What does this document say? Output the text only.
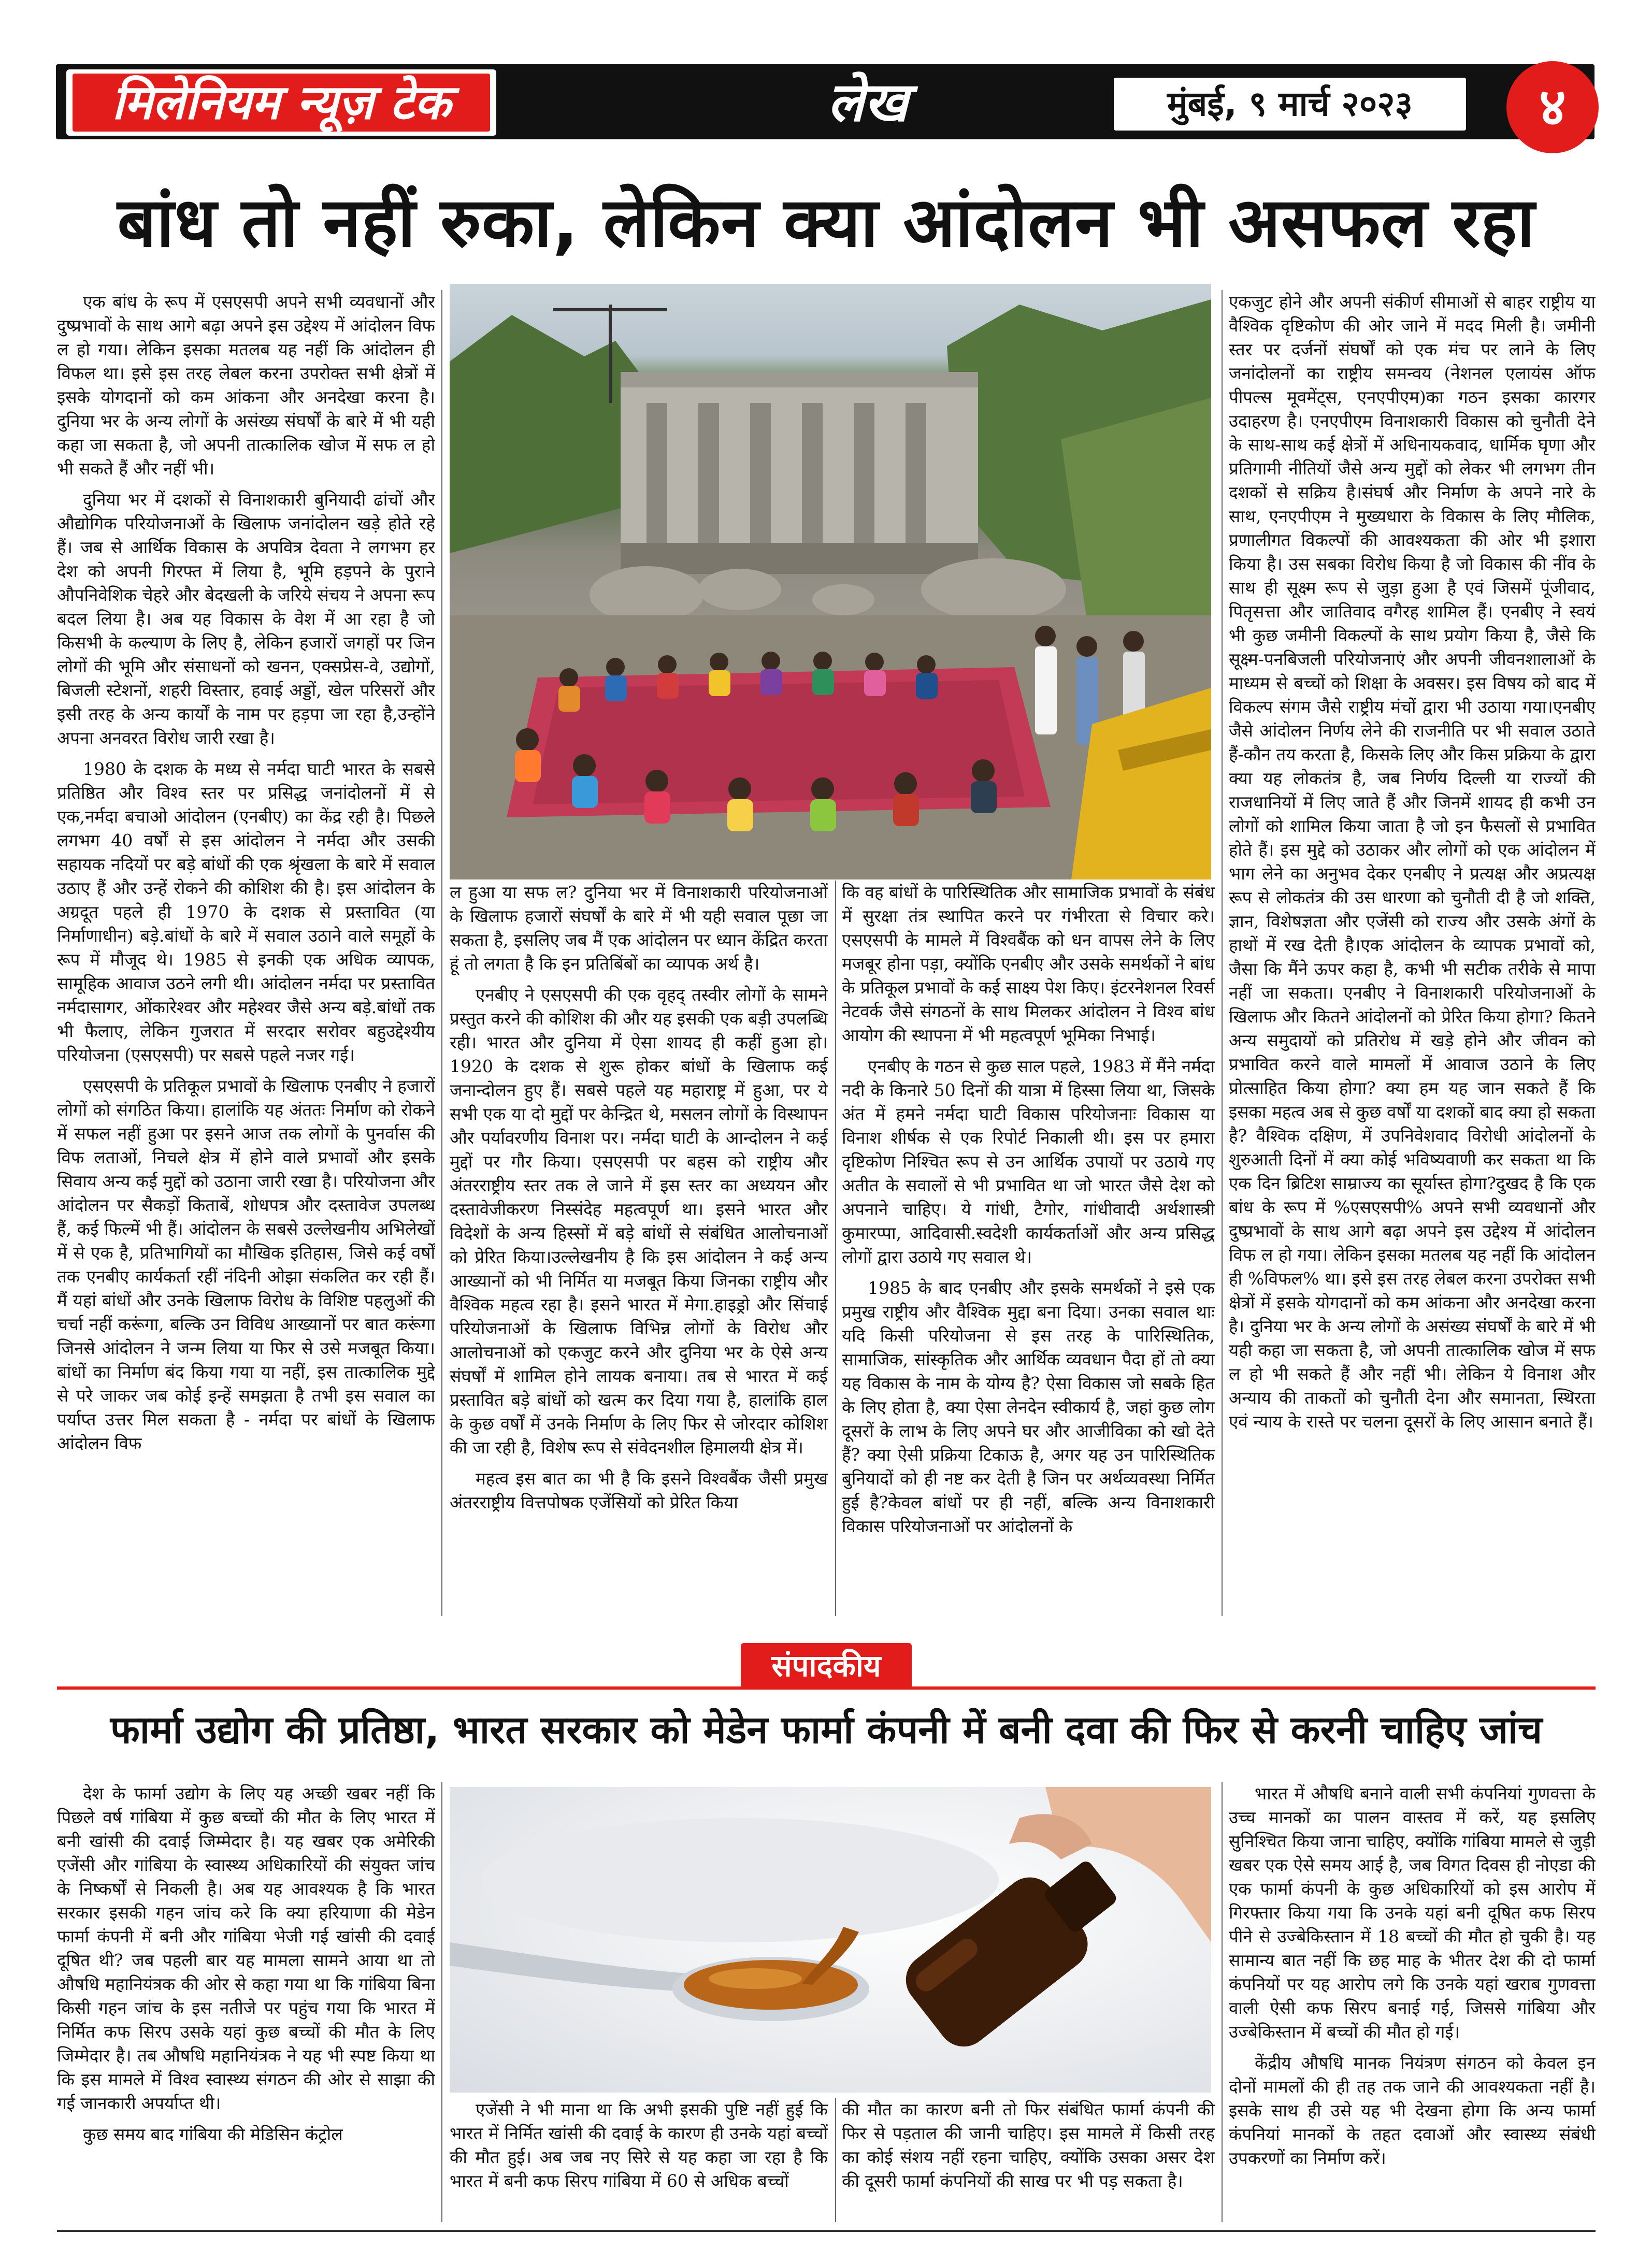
मिलेनियम न्यूज़ टेक	लेख	मुंबई, ९ मार्च २०२३	४
बांध तो नहीं रुका, लेकिन क्या आंदोलन भी असफल रहा

एक बांध के रूप में एसएसपी अपने सभी व्यवधानों और दुष्प्रभावों के साथ आगे बढ़ा अपने इस उद्देश्य में आंदोलन विफ ल हो गया। लेकिन इसका मतलब यह नहीं कि आंदोलन ही विफल था। इसे इस तरह लेबल करना उपरोक्त सभी क्षेत्रों में इसके योगदानों को कम आंकना और अनदेखा करना है। दुनिया भर के अन्य लोगों के असंख्य संघर्षों के बारे में भी यही कहा जा सकता है, जो अपनी तात्कालिक खोज में सफ ल हो भी सकते हैं और नहीं भी।

दुनिया भर में दशकों से विनाशकारी बुनियादी ढांचों और औद्योगिक परियोजनाओं के खिलाफ जनांदोलन खड़े होते रहे हैं। जब से आर्थिक विकास के अपवित्र देवता ने लगभग हर देश को अपनी गिरफ्त में लिया है, भूमि हड़पने के पुराने औपनिवेशिक चेहरे और बेदखली के जरिये संचय ने अपना रूप बदल लिया है। अब यह विकास के वेश में आ रहा है जो किसभी के कल्याण के लिए है, लेकिन हजारों जगहों पर जिन लोगों की भूमि और संसाधनों को खनन, एक्सप्रेस-वे, उद्योगों, बिजली स्टेशनों, शहरी विस्तार, हवाई अड्डों, खेल परिसरों और इसी तरह के अन्य कार्यों के नाम पर हड़पा जा रहा है,उन्होंने अपना अनवरत विरोध जारी रखा है।

1980 के दशक के मध्य से नर्मदा घाटी भारत के सबसे प्रतिष्ठित और विश्व स्तर पर प्रसिद्ध जनांदोलनों में से एक,नर्मदा बचाओ आंदोलन (एनबीए) का केंद्र रही है। पिछले लगभग 40 वर्षों से इस आंदोलन ने नर्मदा और उसकी सहायक नदियों पर बड़े बांधों की एक श्रृंखला के बारे में सवाल उठाए हैं और उन्हें रोकने की कोशिश की है। इस आंदोलन के अग्रदूत पहले ही 1970 के दशक से प्रस्तावित (या निर्माणाधीन) बड़े.बांधों के बारे में सवाल उठाने वाले समूहों के रूप में मौजूद थे। 1985 से इनकी एक अधिक व्यापक, सामूहिक आवाज उठने लगी थी। आंदोलन नर्मदा पर प्रस्तावित नर्मदासागर, ओंकारेश्वर और महेश्वर जैसे अन्य बड़े.बांधों तक भी फैलाए, लेकिन गुजरात में सरदार सरोवर बहुउद्देश्यीय परियोजना (एसएसपी) पर सबसे पहले नजर गई।

एसएसपी के प्रतिकूल प्रभावों के खिलाफ एनबीए ने हजारों लोगों को संगठित किया। हालांकि यह अंततः निर्माण को रोकने में सफल नहीं हुआ पर इसने आज तक लोगों के पुनर्वास की विफ लताओं, निचले क्षेत्र में होने वाले प्रभावों और इसके सिवाय अन्य कई मुद्दों को उठाना जारी रखा है। परियोजना और आंदोलन पर सैकड़ों किताबें, शोधपत्र और दस्तावेज उपलब्ध हैं, कई फिल्में भी हैं। आंदोलन के सबसे उल्लेखनीय अभिलेखों में से एक है, प्रतिभागियों का मौखिक इतिहास, जिसे कई वर्षों तक एनबीए कार्यकर्ता रहीं नंदिनी ओझा संकलित कर रही हैं।मैं यहां बांधों और उनके खिलाफ विरोध के विशिष्ट पहलुओं की चर्चा नहीं करूंगा, बल्कि उन विविध आख्यानों पर बात करूंगा जिनसे आंदोलन ने जन्म लिया या फिर से उसे मजबूत किया। बांधों का निर्माण बंद किया गया या नहीं, इस तात्कालिक मुद्दे से परे जाकर जब कोई इन्हें समझता है तभी इस सवाल का पर्याप्त उत्तर मिल सकता है ‑ नर्मदा पर बांधों के खिलाफ आंदोलन विफ

ल हुआ या सफ ल? दुनिया भर में विनाशकारी परियोजनाओं के खिलाफ हजारों संघर्षों के बारे में भी यही सवाल पूछा जा सकता है, इसलिए जब मैं एक आंदोलन पर ध्यान केंद्रित करता हूं तो लगता है कि इन प्रतिबिंबों का व्यापक अर्थ है।

एनबीए ने एसएसपी की एक वृहद् तस्वीर लोगों के सामने प्रस्तुत करने की कोशिश की और यह इसकी एक बड़ी उपलब्धि रही। भारत और दुनिया में ऐसा शायद ही कहीं हुआ हो। 1920 के दशक से शुरू होकर बांधों के खिलाफ कई जनान्दोलन हुए हैं। सबसे पहले यह महाराष्ट्र में हुआ, पर ये सभी एक या दो मुद्दों पर केन्द्रित थे, मसलन लोगों के विस्थापन और पर्यावरणीय विनाश पर। नर्मदा घाटी के आन्दोलन ने कई मुद्दों पर गौर किया। एसएसपी पर बहस को राष्ट्रीय और अंतरराष्ट्रीय स्तर तक ले जाने में इस स्तर का अध्ययन और दस्तावेजीकरण निस्संदेह महत्वपूर्ण था। इसने भारत और विदेशों के अन्य हिस्सों में बड़े बांधों से संबंधित आलोचनाओं को प्रेरित किया।उल्लेखनीय है कि इस आंदोलन ने कई अन्य आख्यानों को भी निर्मित या मजबूत किया जिनका राष्ट्रीय और वैश्विक महत्व रहा है। इसने भारत में मेगा.हाइड्रो और सिंचाई परियोजनाओं के खिलाफ विभिन्न लोगों के विरोध और आलोचनाओं को एकजुट करने और दुनिया भर के ऐसे अन्य संघर्षों में शामिल होने लायक बनाया। तब से भारत में कई प्रस्तावित बड़े बांधों को खत्म कर दिया गया है, हालांकि हाल के कुछ वर्षों में उनके निर्माण के लिए फिर से जोरदार कोशिश की जा रही है, विशेष रूप से संवेदनशील हिमालयी क्षेत्र में।

महत्व इस बात का भी है कि इसने विश्वबैंक जैसी प्रमुख अंतरराष्ट्रीय वित्तपोषक एजेंसियों को प्रेरित किया

कि वह बांधों के पारिस्थितिक और सामाजिक प्रभावों के संबंध में सुरक्षा तंत्र स्थापित करने पर गंभीरता से विचार करे। एसएसपी के मामले में विश्वबैंक को धन वापस लेने के लिए मजबूर होना पड़ा, क्योंकि एनबीए और उसके समर्थकों ने बांध के प्रतिकूल प्रभावों के कई साक्ष्य पेश किए। इंटरनेशनल रिवर्स नेटवर्क जैसे संगठनों के साथ मिलकर आंदोलन ने विश्व बांध आयोग की स्थापना में भी महत्वपूर्ण भूमिका निभाई।

एनबीए के गठन से कुछ साल पहले, 1983 में मैंने नर्मदा नदी के किनारे 50 दिनों की यात्रा में हिस्सा लिया था, जिसके अंत में हमने नर्मदा घाटी विकास परियोजनाः विकास या विनाश शीर्षक से एक रिपोर्ट निकाली थी। इस पर हमारा दृष्टिकोण निश्चित रूप से उन आर्थिक उपायों पर उठाये गए अतीत के सवालों से भी प्रभावित था जो भारत जैसे देश को अपनाने चाहिए। ये गांधी, टैगोर, गांधीवादी अर्थशास्त्री कुमारप्पा, आदिवासी.स्वदेशी कार्यकर्ताओं और अन्य प्रसिद्ध लोगों द्वारा उठाये गए सवाल थे।

1985 के बाद एनबीए और इसके समर्थकों ने इसे एक प्रमुख राष्ट्रीय और वैश्विक मुद्दा बना दिया। उनका सवाल थाः यदि किसी परियोजना से इस तरह के पारिस्थितिक, सामाजिक, सांस्कृतिक और आर्थिक व्यवधान पैदा हों तो क्या यह विकास के नाम के योग्य है? ऐसा विकास जो सबके हित के लिए होता है, क्या ऐसा लेनदेन स्वीकार्य है, जहां कुछ लोग दूसरों के लाभ के लिए अपने घर और आजीविका को खो देते हैं? क्या ऐसी प्रक्रिया टिकाऊ है, अगर यह उन पारिस्थितिक बुनियादों को ही नष्ट कर देती है जिन पर अर्थव्यवस्था निर्मित हुई है?केवल बांधों पर ही नहीं, बल्कि अन्य विनाशकारी विकास परियोजनाओं पर आंदोलनों के

एकजुट होने और अपनी संकीर्ण सीमाओं से बाहर राष्ट्रीय या वैश्विक दृष्टिकोण की ओर जाने में मदद मिली है। जमीनी स्तर पर दर्जनों संघर्षों को एक मंच पर लाने के लिए जनांदोलनों का राष्ट्रीय समन्वय (नेशनल एलायंस ऑफ पीपल्स मूवमेंट्स, एनएपीएम)का गठन इसका कारगर उदाहरण है। एनएपीएम विनाशकारी विकास को चुनौती देने के साथ-साथ कई क्षेत्रों में अधिनायकवाद, धार्मिक घृणा और प्रतिगामी नीतियों जैसे अन्य मुद्दों को लेकर भी लगभग तीन दशकों से सक्रिय है।संघर्ष और निर्माण के अपने नारे के साथ, एनएपीएम ने मुख्यधारा के विकास के लिए मौलिक, प्रणालीगत विकल्पों की आवश्यकता की ओर भी इशारा किया है। उस सबका विरोध किया है जो विकास की नींव के साथ ही सूक्ष्म रूप से जुड़ा हुआ है एवं जिसमें पूंजीवाद, पितृसत्ता और जातिवाद वगैरह शामिल हैं। एनबीए ने स्वयं भी कुछ जमीनी विकल्पों के साथ प्रयोग किया है, जैसे कि सूक्ष्म-पनबिजली परियोजनाएं और अपनी जीवनशालाओं के माध्यम से बच्चों को शिक्षा के अवसर। इस विषय को बाद में विकल्प संगम जैसे राष्ट्रीय मंचों द्वारा भी उठाया गया।एनबीए जैसे आंदोलन निर्णय लेने की राजनीति पर भी सवाल उठाते हैं‑कौन तय करता है, किसके लिए और किस प्रक्रिया के द्वारा क्या यह लोकतंत्र है, जब निर्णय दिल्ली या राज्यों की राजधानियों में लिए जाते हैं और जिनमें शायद ही कभी उन लोगों को शामिल किया जाता है जो इन फैसलों से प्रभावित होते हैं। इस मुद्दे को उठाकर और लोगों को एक आंदोलन में भाग लेने का अनुभव देकर एनबीए ने प्रत्यक्ष और अप्रत्यक्ष रूप से लोकतंत्र की उस धारणा को चुनौती दी है जो शक्ति, ज्ञान, विशेषज्ञता और एजेंसी को राज्य और उसके अंगों के हाथों में रख देती है।एक आंदोलन के व्यापक प्रभावों को, जैसा कि मैंने ऊपर कहा है, कभी भी सटीक तरीके से मापा नहीं जा सकता। एनबीए ने विनाशकारी परियोजनाओं के खिलाफ और कितने आंदोलनों को प्रेरित किया होगा? कितने अन्य समुदायों को प्रतिरोध में खड़े होने और जीवन को प्रभावित करने वाले मामलों में आवाज उठाने के लिए प्रोत्साहित किया होगा? क्या हम यह जान सकते हैं कि इसका महत्व अब से कुछ वर्षों या दशकों बाद क्या हो सकता है? वैश्विक दक्षिण, में उपनिवेशवाद विरोधी आंदोलनों के शुरुआती दिनों में क्या कोई भविष्यवाणी कर सकता था कि एक दिन ब्रिटिश साम्राज्य का सूर्यास्त होगा?दुखद है कि एक बांध के रूप में %एसएसपी% अपने सभी व्यवधानों और दुष्प्रभावों के साथ आगे बढ़ा अपने इस उद्देश्य में आंदोलन विफ ल हो गया। लेकिन इसका मतलब यह नहीं कि आंदोलन ही %विफल% था। इसे इस तरह लेबल करना उपरोक्त सभी क्षेत्रों में इसके योगदानों को कम आंकना और अनदेखा करना है। दुनिया भर के अन्य लोगों के असंख्य संघर्षों के बारे में भी यही कहा जा सकता है, जो अपनी तात्कालिक खोज में सफ ल हो भी सकते हैं और नहीं भी। लेकिन ये विनाश और अन्याय की ताकतों को चुनौती देना और समानता, स्थिरता एवं न्याय के रास्ते पर चलना दूसरों के लिए आसान बनाते हैं।

संपादकीय
फार्मा उद्योग की प्रतिष्ठा, भारत सरकार को मेडेन फार्मा कंपनी में बनी दवा की फिर से करनी चाहिए जांच

देश के फार्मा उद्योग के लिए यह अच्छी खबर नहीं कि पिछले वर्ष गांबिया में कुछ बच्चों की मौत के लिए भारत में बनी खांसी की दवाई जिम्मेदार है। यह खबर एक अमेरिकी एजेंसी और गांबिया के स्वास्थ्य अधिकारियों की संयुक्त जांच के निष्कर्षों से निकली है। अब यह आवश्यक है कि भारत सरकार इसकी गहन जांच करे कि क्या हरियाणा की मेडेन फार्मा कंपनी में बनी और गांबिया भेजी गई खांसी की दवाई दूषित थी? जब पहली बार यह मामला सामने आया था तो औषधि महानियंत्रक की ओर से कहा गया था कि गांबिया बिना किसी गहन जांच के इस नतीजे पर पहुंच गया कि भारत में निर्मित कफ सिरप उसके यहां कुछ बच्चों की मौत के लिए जिम्मेदार है। तब औषधि महानियंत्रक ने यह भी स्पष्ट किया था कि इस मामले में विश्व स्वास्थ्य संगठन की ओर से साझा की गई जानकारी अपर्याप्त थी।

कुछ समय बाद गांबिया की मेडिसिन कंट्रोल

एजेंसी ने भी माना था कि अभी इसकी पुष्टि नहीं हुई कि भारत में निर्मित खांसी की दवाई के कारण ही उनके यहां बच्चों की मौत हुई। अब जब नए सिरे से यह कहा जा रहा है कि भारत में बनी कफ सिरप गांबिया में 60 से अधिक बच्चों

की मौत का कारण बनी तो फिर संबंधित फार्मा कंपनी की फिर से पड़ताल की जानी चाहिए। इस मामले में किसी तरह का कोई संशय नहीं रहना चाहिए, क्योंकि उसका असर देश की दूसरी फार्मा कंपनियों की साख पर भी पड़ सकता है।

भारत में औषधि बनाने वाली सभी कंपनियां गुणवत्ता के उच्च मानकों का पालन वास्तव में करें, यह इसलिए सुनिश्चित किया जाना चाहिए, क्योंकि गांबिया मामले से जुड़ी खबर एक ऐसे समय आई है, जब विगत दिवस ही नोएडा की एक फार्मा कंपनी के कुछ अधिकारियों को इस आरोप में गिरफ्तार किया गया कि उनके यहां बनी दूषित कफ सिरप पीने से उज्बेकिस्तान में 18 बच्चों की मौत हो चुकी है। यह सामान्य बात नहीं कि छह माह के भीतर देश की दो फार्मा कंपनियों पर यह आरोप लगे कि उनके यहां खराब गुणवत्ता वाली ऐसी कफ सिरप बनाई गई, जिससे गांबिया और उज्बेकिस्तान में बच्चों की मौत हो गई।

केंद्रीय औषधि मानक नियंत्रण संगठन को केवल इन दोनों मामलों की ही तह तक जाने की आवश्यकता नहीं है। इसके साथ ही उसे यह भी देखना होगा कि अन्य फार्मा कंपनियां मानकों के तहत दवाओं और स्वास्थ्य संबंधी उपकरणों का निर्माण करें।
